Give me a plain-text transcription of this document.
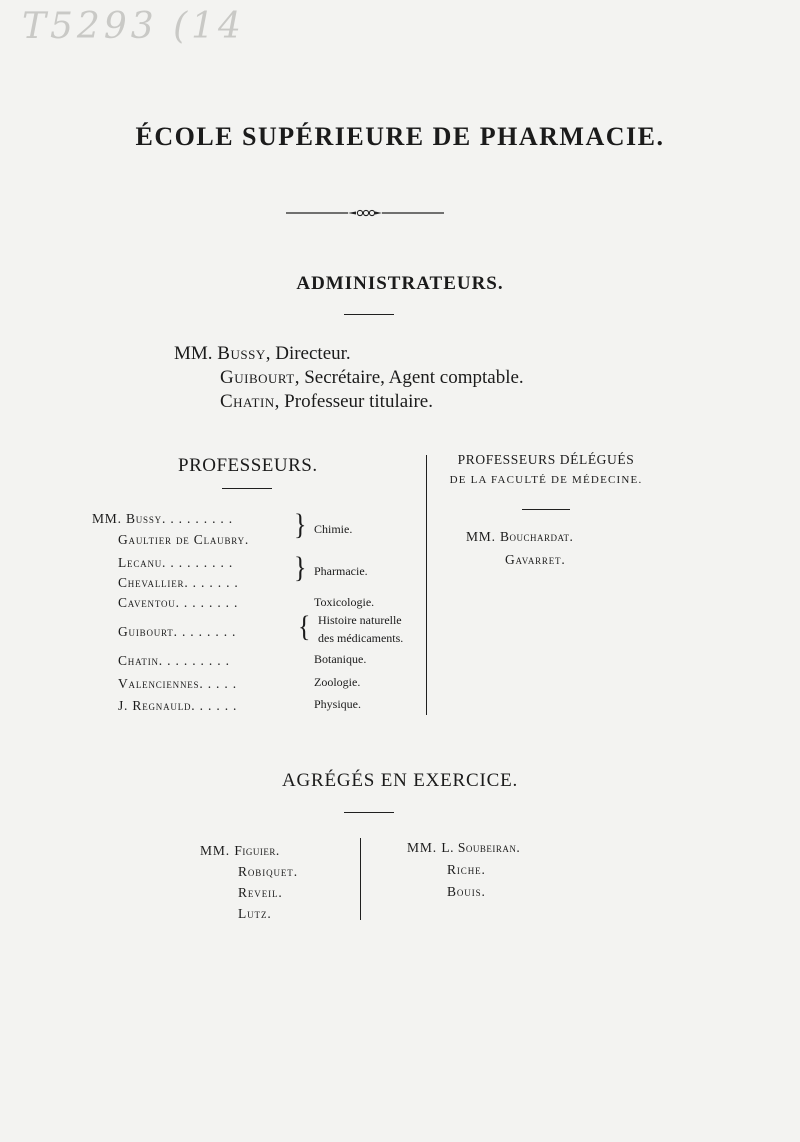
T5293 (14
ÉCOLE SUPÉRIEURE DE PHARMACIE.
ADMINISTRATEURS.
MM. Bussy, Directeur.
Guibourt, Secrétaire, Agent comptable.
Chatin, Professeur titulaire.
PROFESSEURS.	PROFESSEURS DÉLÉGUÉS
DE LA FACULTÉ DE MÉDECINE.
MM. Bouchardat.
Gavarret.
MM. Bussy. . . . . . . . .
Gaultier de Claubry.
Lecanu. . . . . . . . .
Chevallier. . . . . . .
Caventou. . . . . . . .
Guibourt. . . . . . . .
Chatin. . . . . . . . .
Valenciennes. . . . .
J. Regnauld. . . . . .
} Chimie.
} Pharmacie.
Toxicologie.
{ Histoire naturelle
des médicaments.
Botanique.
Zoologie.
Physique.
AGRÉGÉS EN EXERCICE.
MM. Figuier.
Robiquet.
Reveil.
Lutz.
MM. L. Soubeiran.
Riche.
Bouis.
